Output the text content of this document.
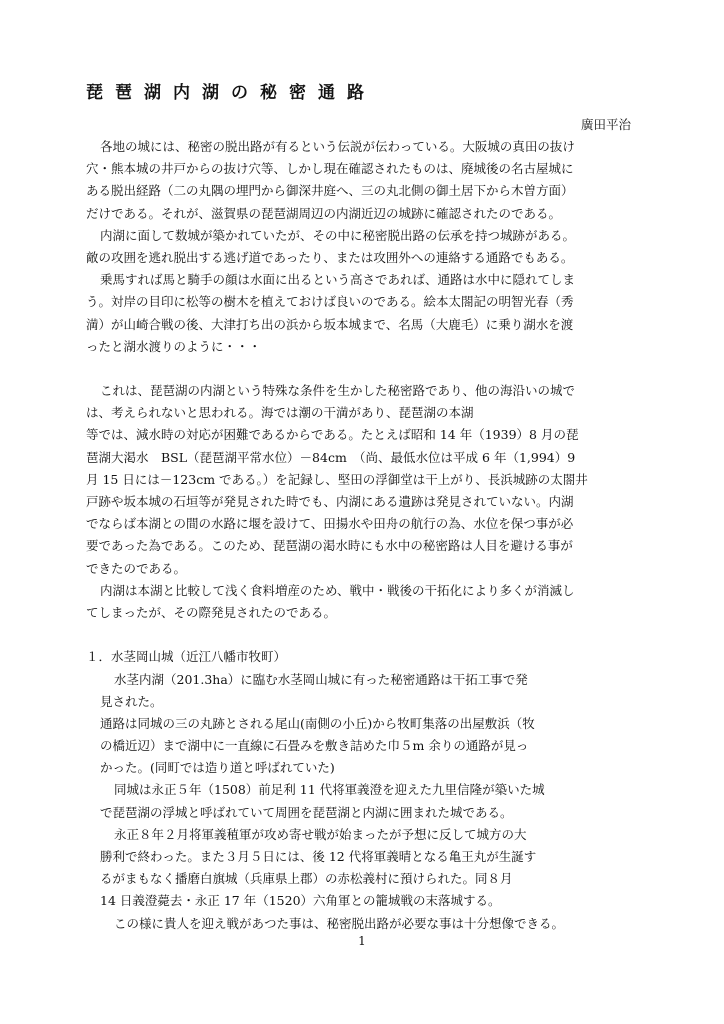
琵琶湖内湖の秘密通路
廣田平治
各地の城には、秘密の脱出路が有るという伝説が伝わっている。大阪城の真田の抜け
穴・熊本城の井戸からの抜け穴等、しかし現在確認されたものは、廃城後の名古屋城に
ある脱出経路（二の丸隅の埋門から御深井庭へ、三の丸北側の御土居下から木曽方面）
だけである。それが、滋賀県の琵琶湖周辺の内湖近辺の城跡に確認されたのである。
内湖に面して数城が築かれていたが、その中に秘密脱出路の伝承を持つ城跡がある。
敵の攻囲を逃れ脱出する逃げ道であったり、または攻囲外への連絡する通路でもある。
乗馬すれば馬と騎手の顔は水面に出るという高さであれば、通路は水中に隠れてしま
う。対岸の目印に松等の樹木を植えておけば良いのである。絵本太閤記の明智光春（秀
満）が山崎合戦の後、大津打ち出の浜から坂本城まで、名馬（大鹿毛）に乗り湖水を渡
ったと湖水渡りのように・・・
これは、琵琶湖の内湖という特殊な条件を生かした秘密路であり、他の海沿いの城で
は、考えられないと思われる。海では潮の干満があり、琵琶湖の本湖
等では、減水時の対応が困難であるからである。たとえば昭和 14 年（1939）8 月の琵
琶湖大渇水　BSL（琵琶湖平常水位）－84cm　（尚、最低水位は平成 6 年（1,994）9
月 15 日には－123cm である。）を記録し、堅田の浮御堂は干上がり、長浜城跡の太閤井
戸跡や坂本城の石垣等が発見された時でも、内湖にある遺跡は発見されていない。内湖
でならば本湖との間の水路に堰を設けて、田揚水や田舟の航行の為、水位を保つ事が必
要であった為である。このため、琵琶湖の渇水時にも水中の秘密路は人目を避ける事が
できたのである。
内湖は本湖と比較して浅く食料増産のため、戦中・戦後の干拓化により多くが消滅し
てしまったが、その際発見されたのである。
１．水茎岡山城（近江八幡市牧町）
水茎内湖（201.3ha）に臨む水茎岡山城に有った秘密通路は干拓工事で発
見された。
通路は同城の三の丸跡とされる尾山(南側の小丘)から牧町集落の出屋敷浜（牧
の橋近辺）まで湖中に一直線に石畳みを敷き詰めた巾５m 余りの通路が見っ
かった。(同町では造り道と呼ばれていた)
同城は永正５年（1508）前足利 11 代将軍義澄を迎えた九里信隆が築いた城
で琵琶湖の浮城と呼ばれていて周囲を琵琶湖と内湖に囲まれた城である。
永正８年２月将軍義稙軍が攻め寄せ戦が始まったが予想に反して城方の大
勝利で終わった。また３月５日には、後 12 代将軍義晴となる亀王丸が生誕す
るがまもなく播磨白旗城（兵庫県上郡）の赤松義村に預けられた。同８月
14 日義澄薨去・永正 17 年（1520）六角軍との籠城戦の末落城する。
この様に貴人を迎え戦があつた事は、秘密脱出路が必要な事は十分想像できる。
1
